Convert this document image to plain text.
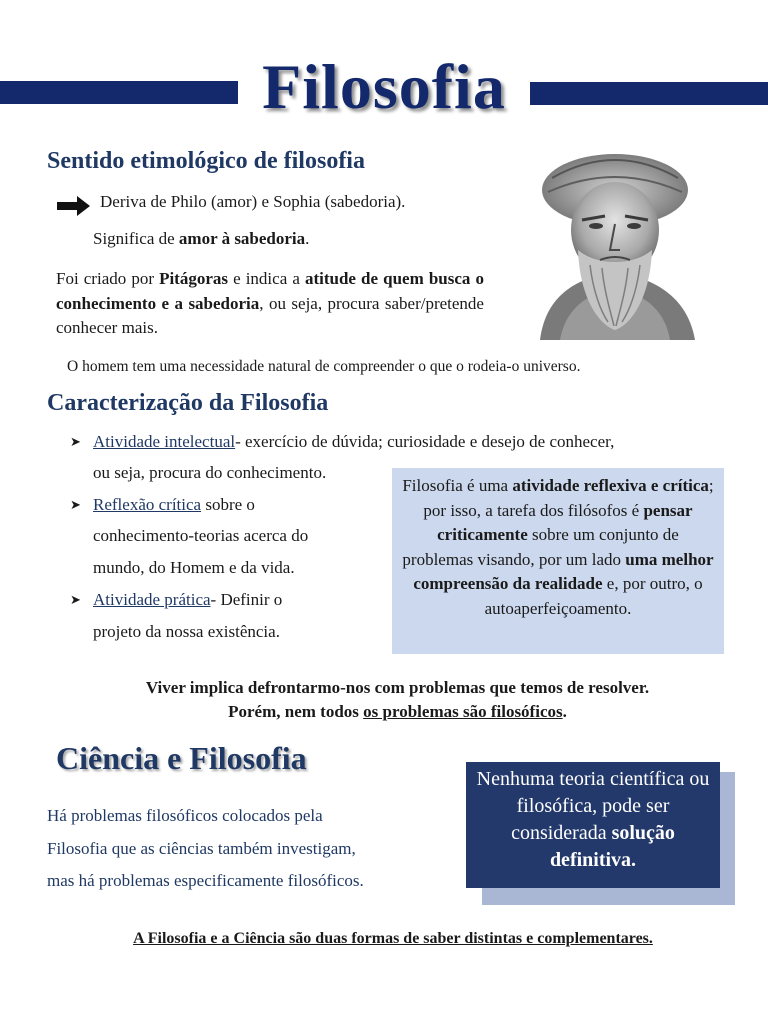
Filosofia
Sentido etimológico de filosofia
Deriva de Philo (amor) e Sophia (sabedoria).
Significa de amor à sabedoria.
Foi criado por Pitágoras e indica a atitude de quem busca o conhecimento e a sabedoria, ou seja, procura saber/pretende conhecer mais.
O homem tem uma necessidade natural de compreender o que o rodeia-o universo.
Caracterização da Filosofia
➤ Atividade intelectual- exercício de dúvida; curiosidade e desejo de conhecer,
ou seja, procura do conhecimento.
➤ Reflexão crítica sobre o
conhecimento-teorias acerca do
mundo, do Homem e da vida.
➤ Atividade prática- Definir o
projeto da nossa existência.
Filosofia é uma atividade reflexiva e crítica; por isso, a tarefa dos filósofos é pensar criticamente sobre um conjunto de problemas visando, por um lado uma melhor compreensão da realidade e, por outro, o autoaperfeiçoamento.
Viver implica defrontarmo-nos com problemas que temos de resolver.
Porém, nem todos os problemas são filosóficos.
Ciência e Filosofia
Há problemas filosóficos colocados pela
Filosofia que as ciências também investigam,
mas há problemas especificamente filosóficos.
Nenhuma teoria científica ou filosófica, pode ser considerada solução definitiva.
A Filosofia e a Ciência são duas formas de saber distintas e complementares.
